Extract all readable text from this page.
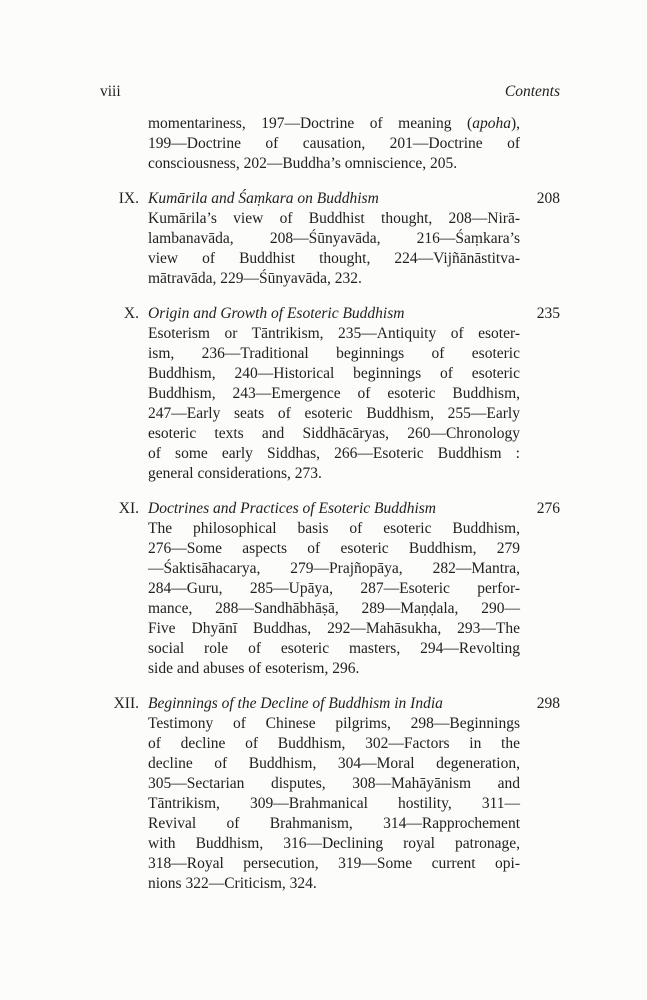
viii	Contents
momentariness, 197—Doctrine of meaning (apoha),
199—Doctrine of causation, 201—Doctrine of
consciousness, 202—Buddha’s omniscience, 205.
IX. Kumārila and Śaṃkara on Buddhism	208
Kumārila’s view of Buddhist thought, 208—Nirā-
lambanavāda, 208—Śūnyavāda, 216—Śaṃkara’s
view of Buddhist thought, 224—Vijñānāstitva-
mātravāda, 229—Śūnyavāda, 232.
X. Origin and Growth of Esoteric Buddhism	235
Esoterism or Tāntrikism, 235—Antiquity of esoter-
ism, 236—Traditional beginnings of esoteric
Buddhism, 240—Historical beginnings of esoteric
Buddhism, 243—Emergence of esoteric Buddhism,
247—Early seats of esoteric Buddhism, 255—Early
esoteric texts and Siddhācāryas, 260—Chronology
of some early Siddhas, 266—Esoteric Buddhism :
general considerations, 273.
XI. Doctrines and Practices of Esoteric Buddhism	276
The philosophical basis of esoteric Buddhism,
276—Some aspects of esoteric Buddhism, 279
—Śaktisāhacarya, 279—Prajñopāya, 282—Mantra,
284—Guru, 285—Upāya, 287—Esoteric perfor-
mance, 288—Sandhābhāṣā, 289—Maṇḍala, 290—
Five Dhyānī Buddhas, 292—Mahāsukha, 293—The
social role of esoteric masters, 294—Revolting
side and abuses of esoterism, 296.
XII. Beginnings of the Decline of Buddhism in India	298
Testimony of Chinese pilgrims, 298—Beginnings
of decline of Buddhism, 302—Factors in the
decline of Buddhism, 304—Moral degeneration,
305—Sectarian disputes, 308—Mahāyānism and
Tāntrikism, 309—Brahmanical hostility, 311—
Revival of Brahmanism, 314—Rapprochement
with Buddhism, 316—Declining royal patronage,
318—Royal persecution, 319—Some current opi-
nions 322—Criticism, 324.
